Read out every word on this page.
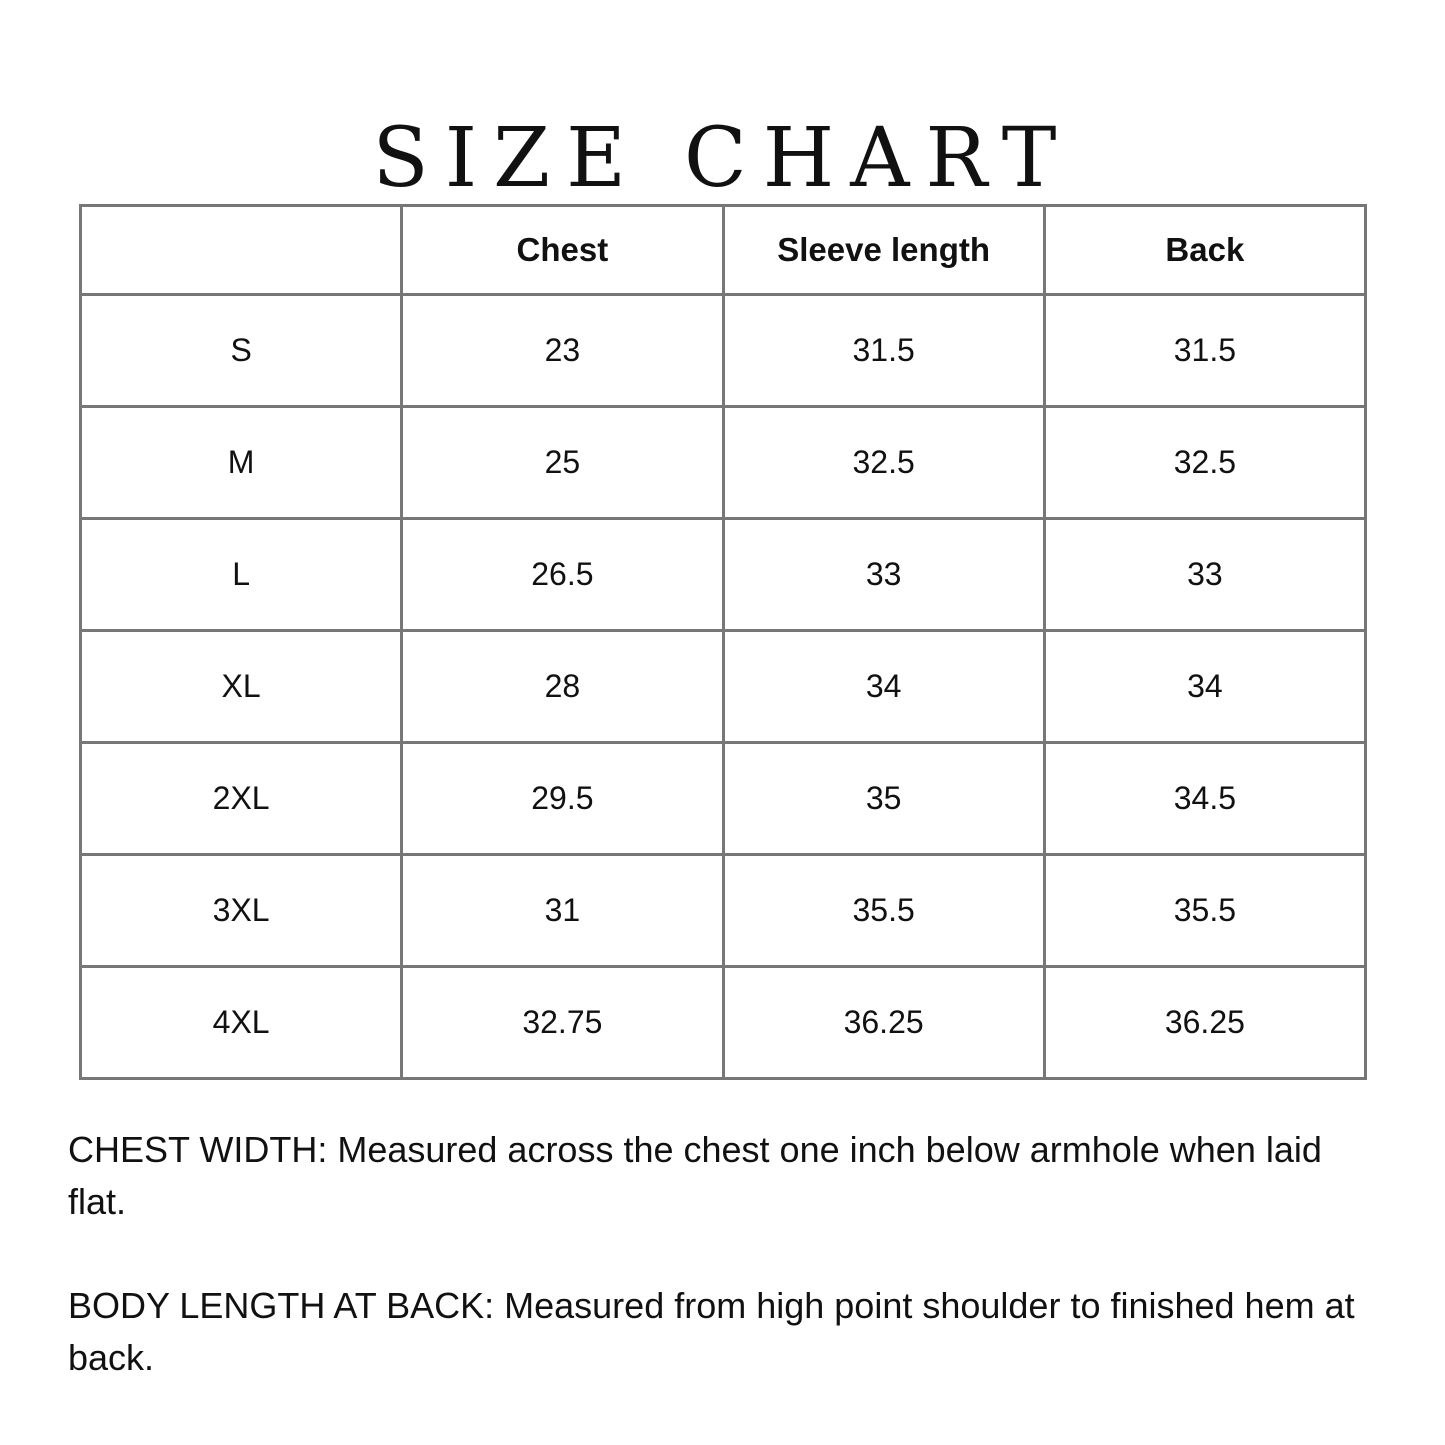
SIZE CHART
	Chest	Sleeve length	Back
S	23	31.5	31.5
M	25	32.5	32.5
L	26.5	33	33
XL	28	34	34
2XL	29.5	35	34.5
3XL	31	35.5	35.5
4XL	32.75	36.25	36.25

CHEST WIDTH: Measured across the chest one inch below armhole when laid flat.

BODY LENGTH AT BACK: Measured from high point shoulder to finished hem at back.
